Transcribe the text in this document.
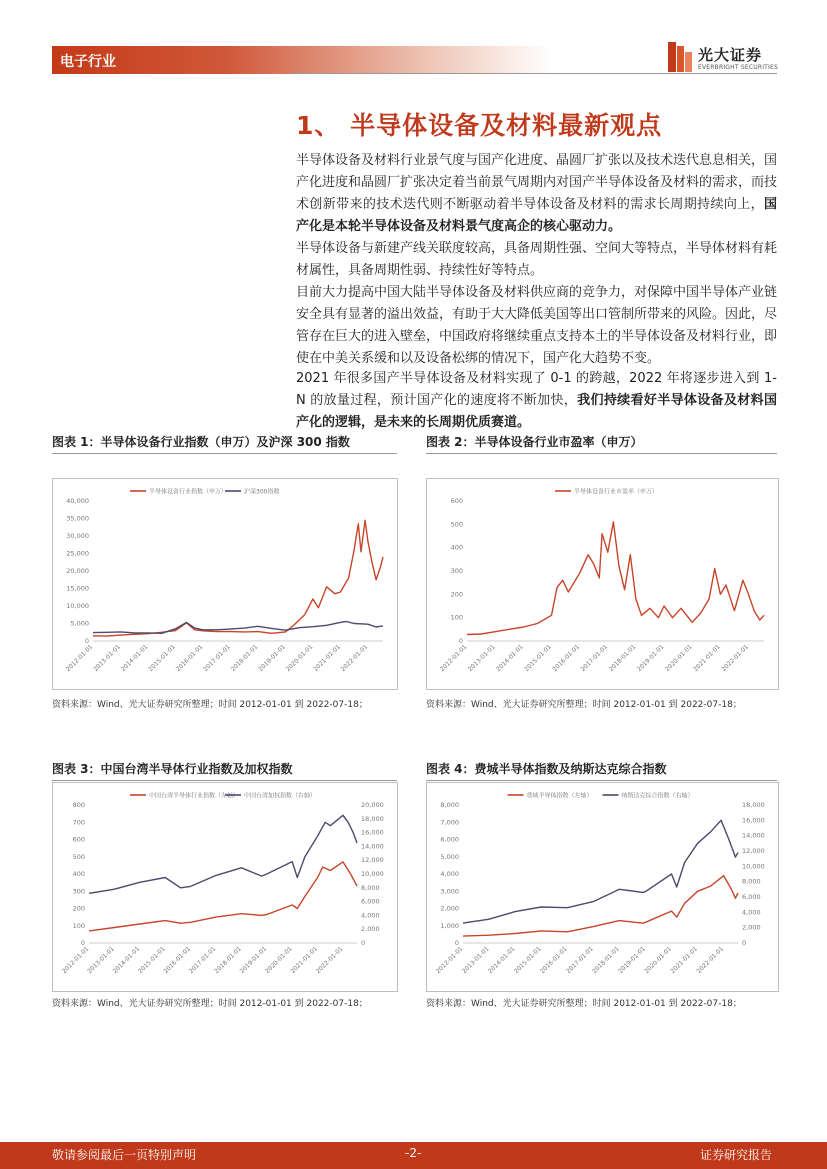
电子行业	光大证券
EVERBRIGHT SECURITIES
1、 半导体设备及材料最新观点
半导体设备及材料行业景气度与国产化进度、晶圆厂扩张以及技术迭代息息相关，国产化进度和晶圆厂扩张决定着当前景气周期内对国产半导体设备及材料的需求，而技术创新带来的技术迭代则不断驱动着半导体设备及材料的需求长周期持续向上，国产化是本轮半导体设备及材料景气度高企的核心驱动力。
半导体设备与新建产线关联度较高，具备周期性强、空间大等特点，半导体材料有耗材属性，具备周期性弱、持续性好等特点。
目前大力提高中国大陆半导体设备及材料供应商的竞争力，对保障中国半导体产业链安全具有显著的溢出效益，有助于大大降低美国等出口管制所带来的风险。因此，尽管存在巨大的进入壁垒，中国政府将继续重点支持本土的半导体设备及材料行业，即使在中美关系缓和以及设备松绑的情况下，国产化大趋势不变。
2021 年很多国产半导体设备及材料实现了 0-1 的跨越，2022 年将逐步进入到 1-N 的放量过程，预计国产化的速度将不断加快，我们持续看好半导体设备及材料国产化的逻辑，是未来的长周期优质赛道。
图表 1：半导体设备行业指数（申万）及沪深 300 指数
半导体设备行业指数（申万）	沪深300指数
0
5,000
10,000
15,000
20,000
25,000
30,000
35,000
40,000
2012-01-01
2013-01-01
2014-01-01
2015-01-01
2016-01-01
2017-01-01
2018-01-01
2019-01-01
2020-01-01
2021-01-01
2022-01-01
资料来源：Wind、光大证券研究所整理；时间 2012-01-01 到 2022-07-18；
图表 2：半导体设备行业市盈率（申万）
半导体设备行业市盈率（申万）
0
100
200
300
400
500
600
2012-01-01
2013-01-01
2014-01-01
2015-01-01
2016-01-01
2017-01-01
2018-01-01
2019-01-01
2020-01-01
2021-01-01
2022-01-01
资料来源：Wind、光大证券研究所整理；时间 2012-01-01 到 2022-07-18；
图表 3：中国台湾半导体行业指数及加权指数
中国台湾半导体行业指数（左轴） 中国台湾加权指数（右轴）
0
100
200
300
400
500
600
700
800
0
2,000
4,000
6,000
8,000
10,000
12,000
14,000
16,000
18,000
20,000
2012-01-01
2013-01-01
2014-01-01
2015-01-01
2016-01-01
2017-01-01
2018-01-01
2019-01-01
2020-01-01
2021-01-01
2022-01-01
资料来源：Wind、光大证券研究所整理；时间 2012-01-01 到 2022-07-18；
图表 4：费城半导体指数及纳斯达克综合指数
费城半导体指数（左轴）	纳斯达克综合指数（右轴）
0
1,000
2,000
3,000
4,000
5,000
6,000
7,000
8,000
0
2,000
4,000
6,000
8,000
10,000
12,000
14,000
16,000
18,000
2012-01-01
2013-01-01
2014-01-01
2015-01-01
2016-01-01
2017-01-01
2018-01-01
2019-01-01
2020-01-01
2021-01-01
2022-01-01
资料来源：Wind、光大证券研究所整理；时间 2012-01-01 到 2022-07-18；
敬请参阅最后一页特别声明	-2-	证券研究报告
